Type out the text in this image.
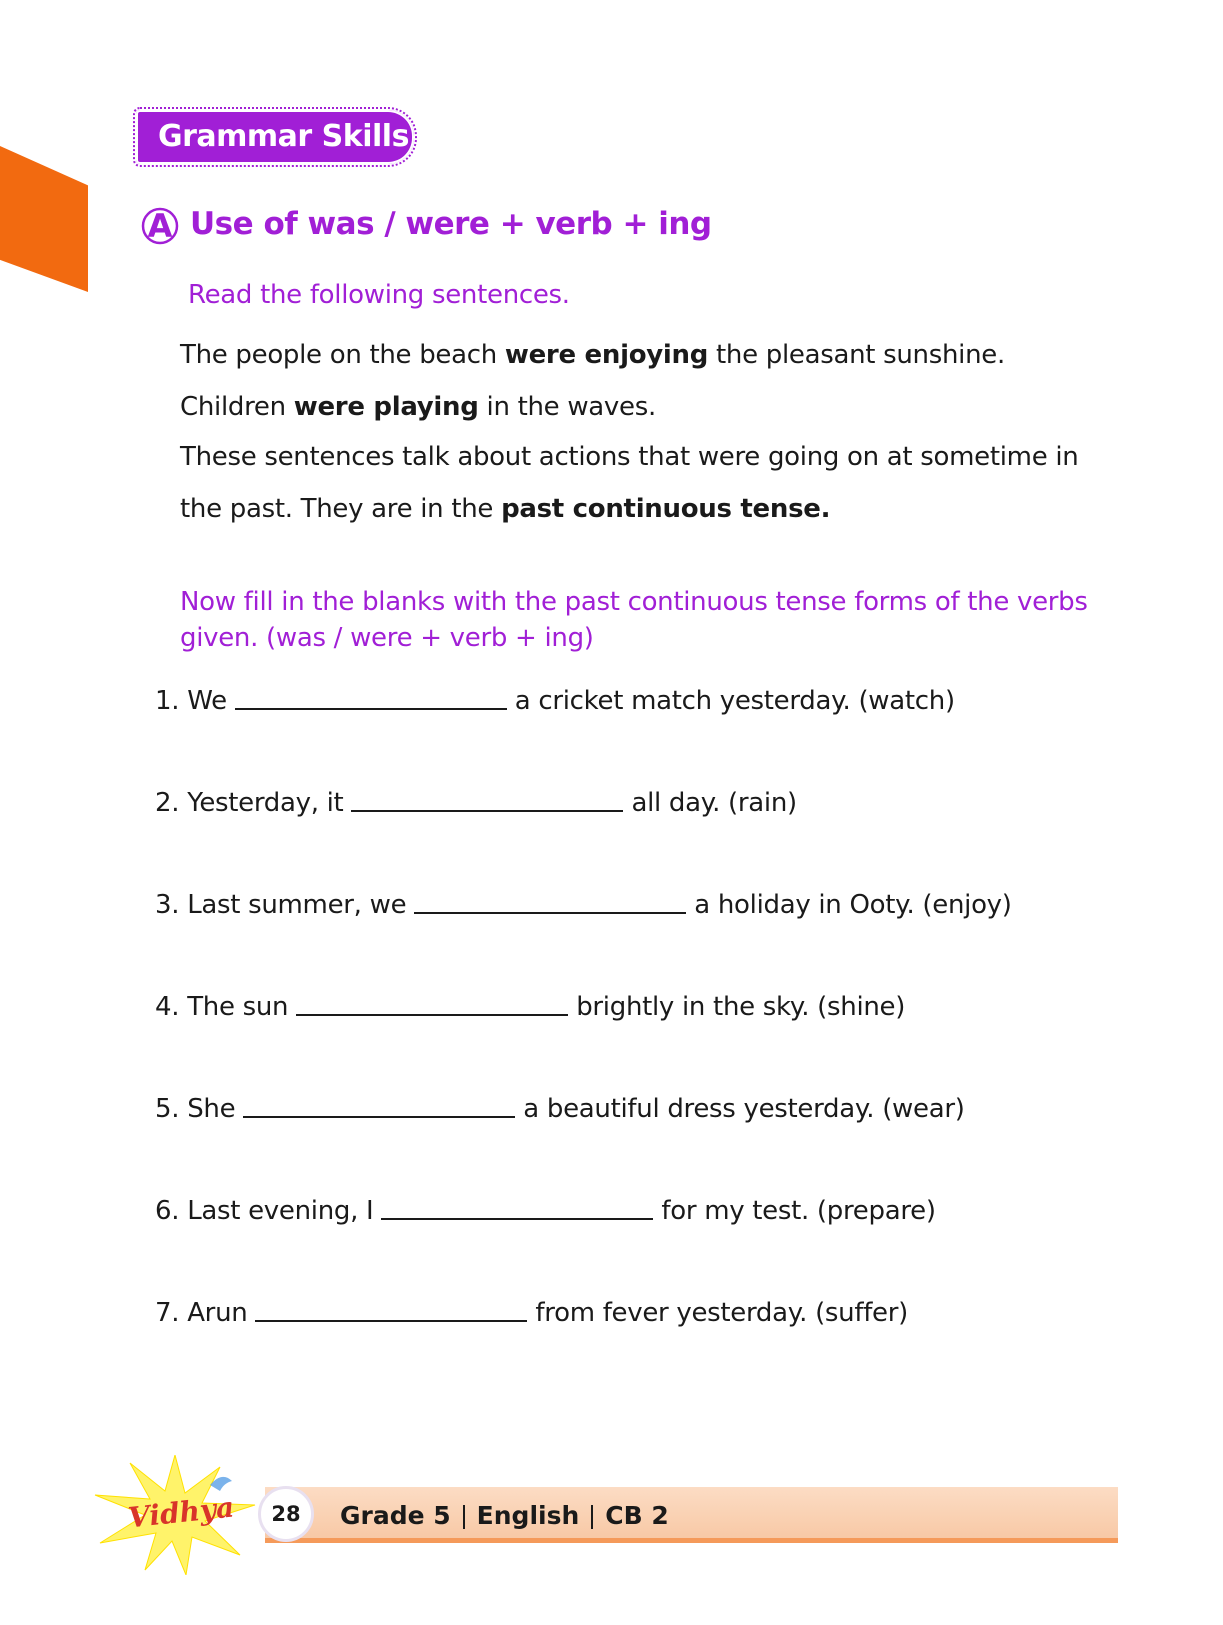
Grammar Skills
A Use of was / were + verb + ing
Read the following sentences.
The people on the beach were enjoying the pleasant sunshine.
Children were playing in the waves.
These sentences talk about actions that were going on at sometime in
the past. They are in the past continuous tense.
Now fill in the blanks with the past continuous tense forms of the verbs given. (was / were + verb + ing)
1.
We	a cricket match yesterday. (watch)
2.
Yesterday, it	all day. (rain)
3.
Last summer, we	a holiday in Ooty. (enjoy)
4.
The sun	brightly in the sky. (shine)
5.
She	a beautiful dress yesterday. (wear)
6.
Last evening, I	for my test. (prepare)
7.
Arun	from fever yesterday. (suffer)
Vidhya	28	Grade 5 English CB 2
